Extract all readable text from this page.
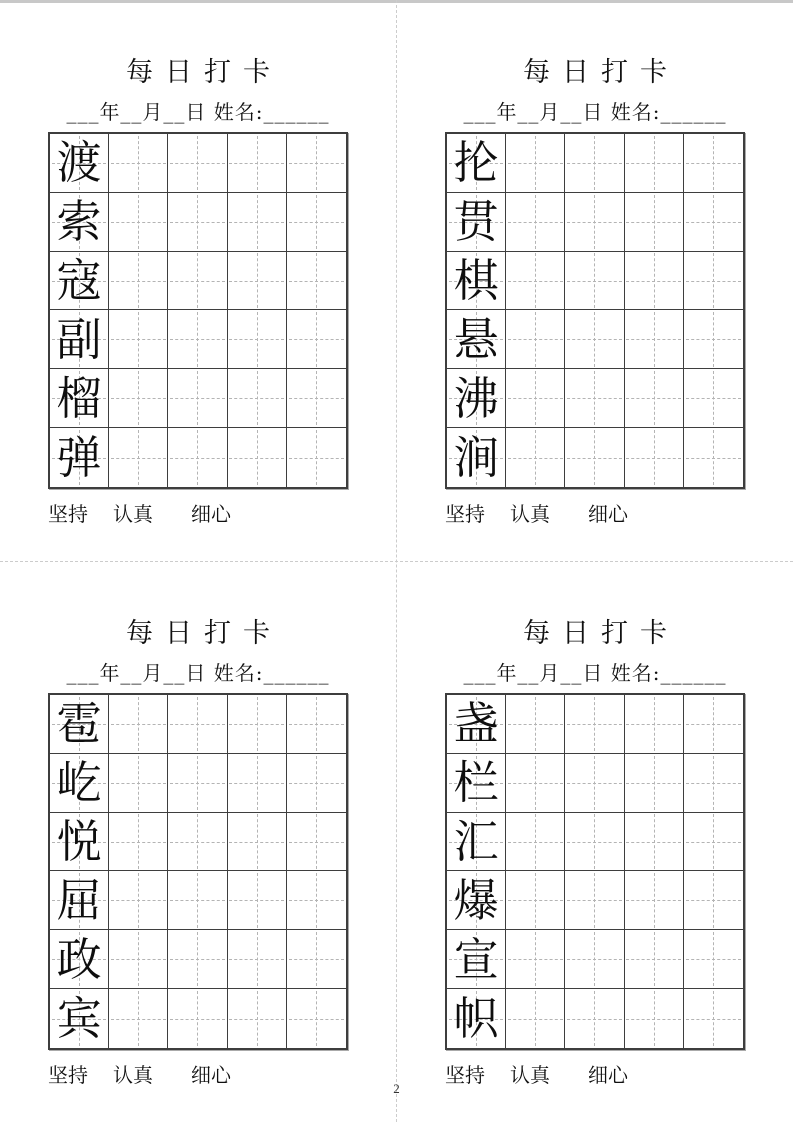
每日打卡
___年__月__日 姓名:______
渡
索
寇
副
榴
弹
坚持 认真 细心
每日打卡
___年__月__日 姓名:______
抡
贯
棋
悬
沸
涧
坚持 认真 细心
每日打卡
___年__月__日 姓名:______
雹
屹
悦
屈
政
宾
坚持 认真 细心
每日打卡
___年__月__日 姓名:______
盏
栏
汇
爆
宣
帜
坚持 认真 细心
2
